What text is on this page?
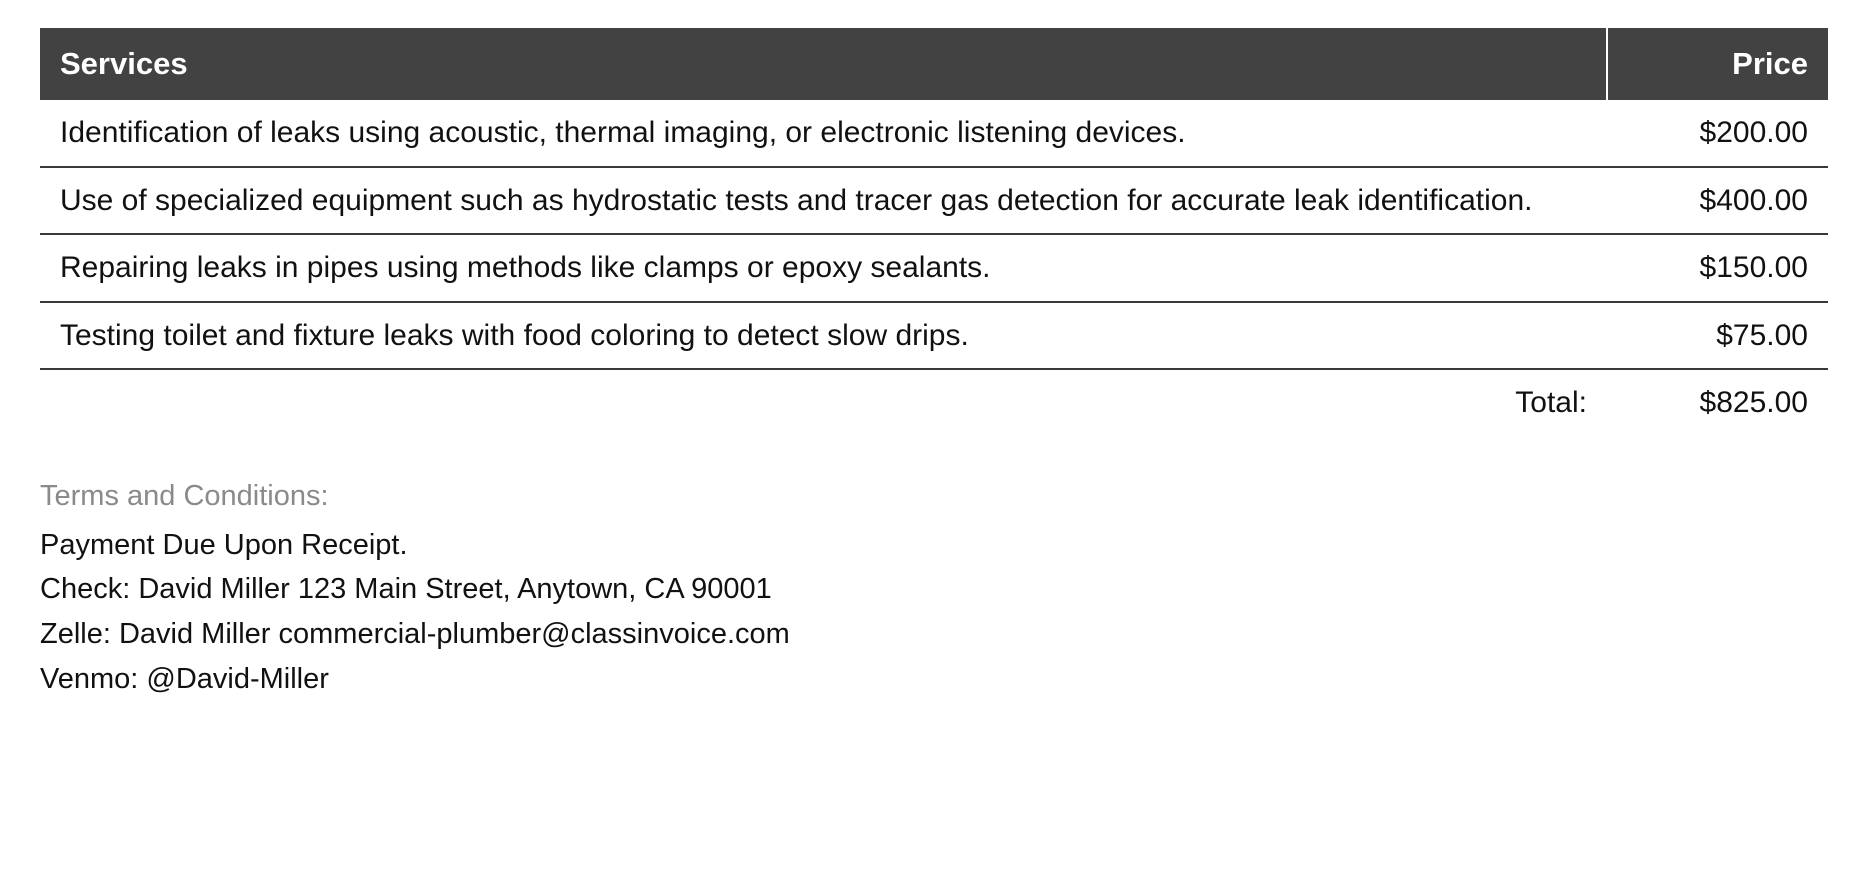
Services	Price
Identification of leaks using acoustic, thermal imaging, or electronic listening devices.	$200.00
Use of specialized equipment such as hydrostatic tests and tracer gas detection for accurate leak identification.	$400.00
Repairing leaks in pipes using methods like clamps or epoxy sealants.	$150.00
Testing toilet and fixture leaks with food coloring to detect slow drips.	$75.00
Total:	$825.00
Terms and Conditions:
Payment Due Upon Receipt.
Check: David Miller 123 Main Street, Anytown, CA 90001
Zelle: David Miller commercial-plumber@classinvoice.com
Venmo: @David-Miller
